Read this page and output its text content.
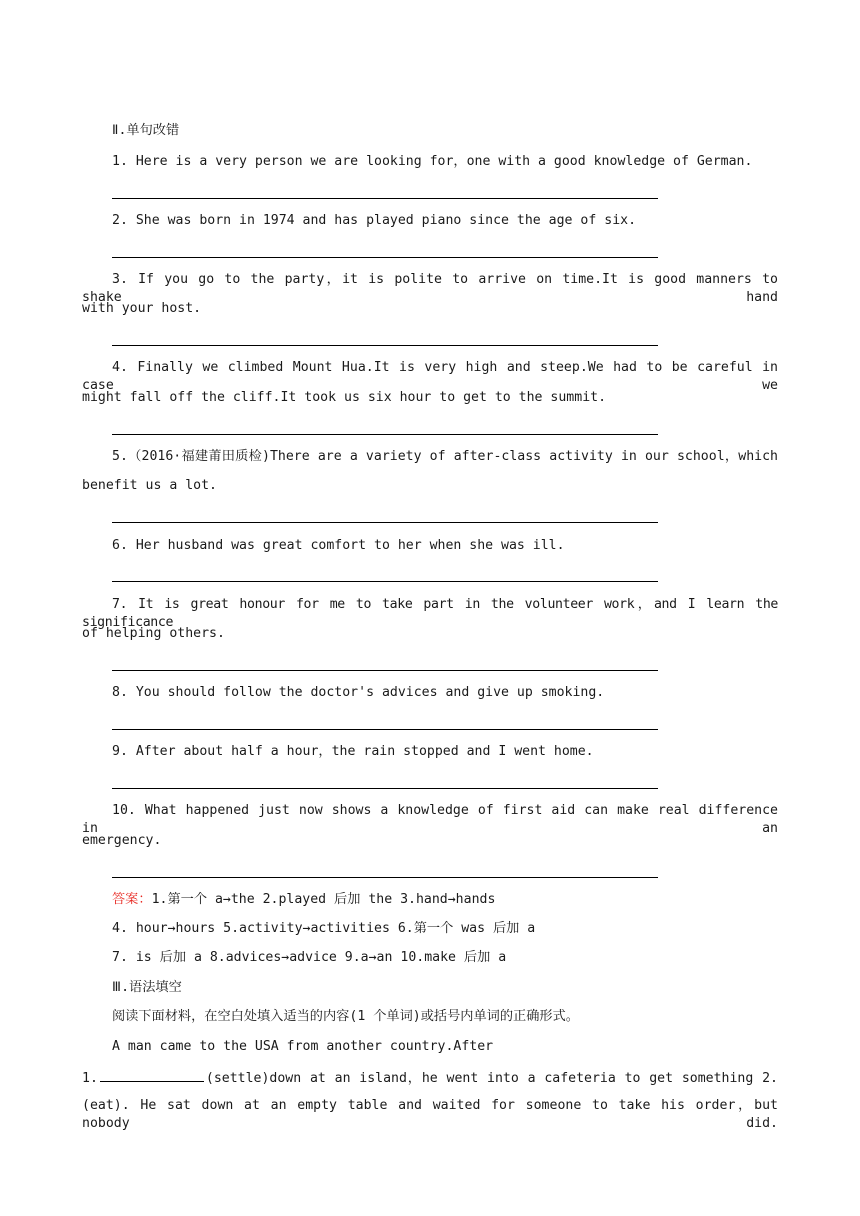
Ⅱ.单句改错
1. Here is a very person we are looking for，one with a good knowledge of German.
2. She was born in 1974 and has played piano since the age of six.
3. If you go to the party，it is polite to arrive on time.It is good manners to shake hand
with your host.
4. Finally we climbed Mount Hua.It is very high and steep.We had to be careful in case we
might fall off the cliff.It took us six hour to get to the summit.
5.（2016·福建莆田质检)There are a variety of after-class activity in our school，which
benefit us a lot.
6. Her husband was great comfort to her when she was ill.
7. It is great honour for me to take part in the volunteer work，and I learn the significance
of helping others.
8. You should follow the doctor's advices and give up smoking.
9. After about half a hour，the rain stopped and I went home.
10. What happened just now shows a knowledge of first aid can make real difference in an
emergency.
答案：1.第一个 a→the 2.played 后加 the 3.hand→hands
4. hour→hours 5.activity→activities 6.第一个 was 后加 a
7. is 后加 a 8.advices→advice 9.a→an 10.make 后加 a
Ⅲ.语法填空
阅读下面材料，在空白处填入适当的内容(1 个单词)或括号内单词的正确形式。
A man came to the USA from another country.After
1.	(settle)down at an island，he went into a cafeteria to get something 2.
(eat). He sat down at an empty table and waited for someone to take his order，but nobody did.
